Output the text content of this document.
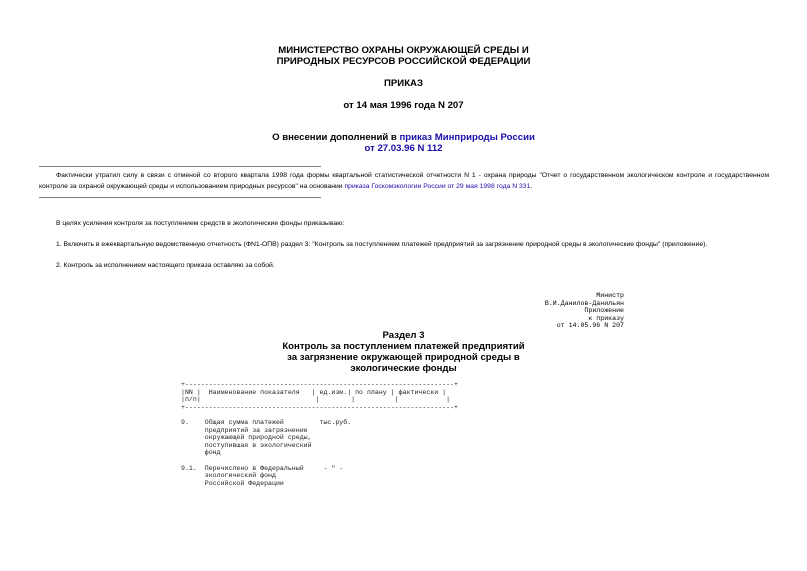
МИНИСТЕРСТВО ОХРАНЫ ОКРУЖАЮЩЕЙ СРЕДЫ И
ПРИРОДНЫХ РЕСУРСОВ РОССИЙСКОЙ ФЕДЕРАЦИИ
ПРИКАЗ
от 14 мая 1996 года N 207
О внесении дополнений в приказ Минприроды России
от 27.03.96 N 112
Фактически утратил силу в связи с отменой со второго квартала 1998 года формы квартальной статистической отчетности N 1 - охрана природы "Отчет о государственном экологическом контроле и государственном контроле за охраной окружающей среды и использованием природных ресурсов" на основании приказа Госкомэкологии России от 29 мая 1998 года N 331.
В целях усиления контроля за поступлением средств в экологические фонды приказываю:
1. Включить в ежеквартальную ведомственную отчетность (ФN1-ОПВ) раздел 3: "Контроль за поступлением платежей предприятий за загрязнение природной среды в экологические фонды" (приложение).
2. Контроль за исполнением настоящего приказа оставляю за собой.
Министр
В.И.Данилов-Данильян
Приложение
к приказу
от 14.05.96 N 207
Раздел 3
Контроль за поступлением платежей предприятий
за загрязнение окружающей природной среды в
экологические фонды
+--------------------------------------------------------------------+
|NN |  Наименование показателя   | ед.изм.| по плану | фактически |
|п/п|                             |        |          |            |
+--------------------------------------------------------------------+

9.    Общая сумма платежей         тыс.руб.
предприятий за загрязнение
окружающей природной среды,
поступившая в экологический
фонд

9.1.  Перечислено в Федеральный     - " -
экологический фонд
Российской Федерации
